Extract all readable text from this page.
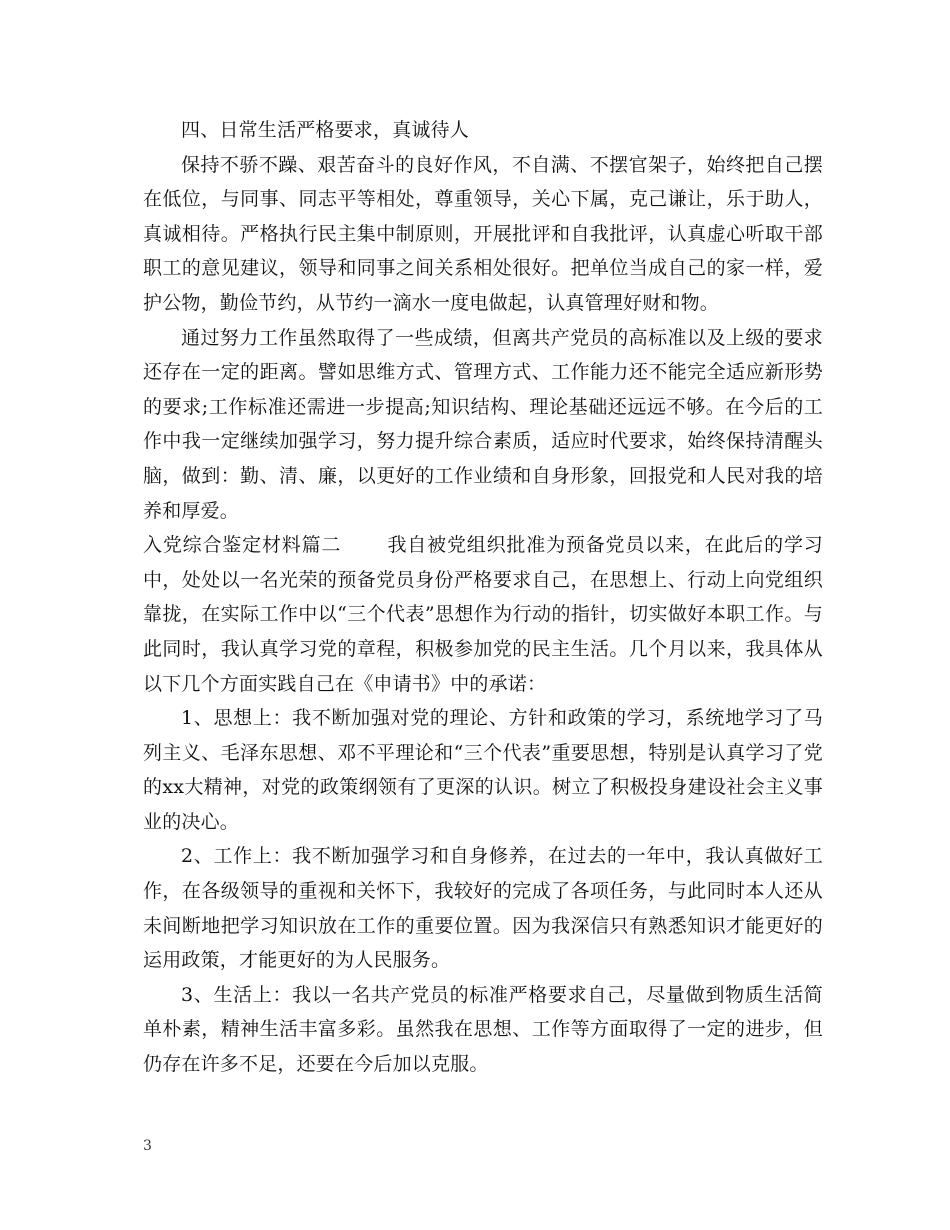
四、日常生活严格要求，真诚待人

保持不骄不躁、艰苦奋斗的良好作风，不自满、不摆官架子，始终把自己摆在低位，与同事、同志平等相处，尊重领导，关心下属，克己谦让，乐于助人，真诚相待。严格执行民主集中制原则，开展批评和自我批评，认真虚心听取干部职工的意见建议，领导和同事之间关系相处很好。把单位当成自己的家一样，爱护公物，勤俭节约，从节约一滴水一度电做起，认真管理好财和物。

通过努力工作虽然取得了一些成绩，但离共产党员的高标准以及上级的要求还存在一定的距离。譬如思维方式、管理方式、工作能力还不能完全适应新形势的要求;工作标准还需进一步提高;知识结构、理论基础还远远不够。在今后的工作中我一定继续加强学习，努力提升综合素质，适应时代要求，始终保持清醒头脑，做到：勤、清、廉，以更好的工作业绩和自身形象，回报党和人民对我的培养和厚爱。

入党综合鉴定材料篇二 我自被党组织批准为预备党员以来，在此后的学习中，处处以一名光荣的预备党员身份严格要求自己，在思想上、行动上向党组织靠拢，在实际工作中以“三个代表”思想作为行动的指针，切实做好本职工作。与此同时，我认真学习党的章程，积极参加党的民主生活。几个月以来，我具体从以下几个方面实践自己在《申请书》中的承诺：

1、思想上：我不断加强对党的理论、方针和政策的学习，系统地学习了马列主义、毛泽东思想、邓不平理论和“三个代表”重要思想，特别是认真学习了党的xx大精神，对党的政策纲领有了更深的认识。树立了积极投身建设社会主义事业的决心。

2、工作上：我不断加强学习和自身修养，在过去的一年中，我认真做好工作，在各级领导的重视和关怀下，我较好的完成了各项任务，与此同时本人还从未间断地把学习知识放在工作的重要位置。因为我深信只有熟悉知识才能更好的运用政策，才能更好的为人民服务。

3、生活上：我以一名共产党员的标准严格要求自己，尽量做到物质生活简单朴素，精神生活丰富多彩。虽然我在思想、工作等方面取得了一定的进步，但仍存在许多不足，还要在今后加以克服。

3
